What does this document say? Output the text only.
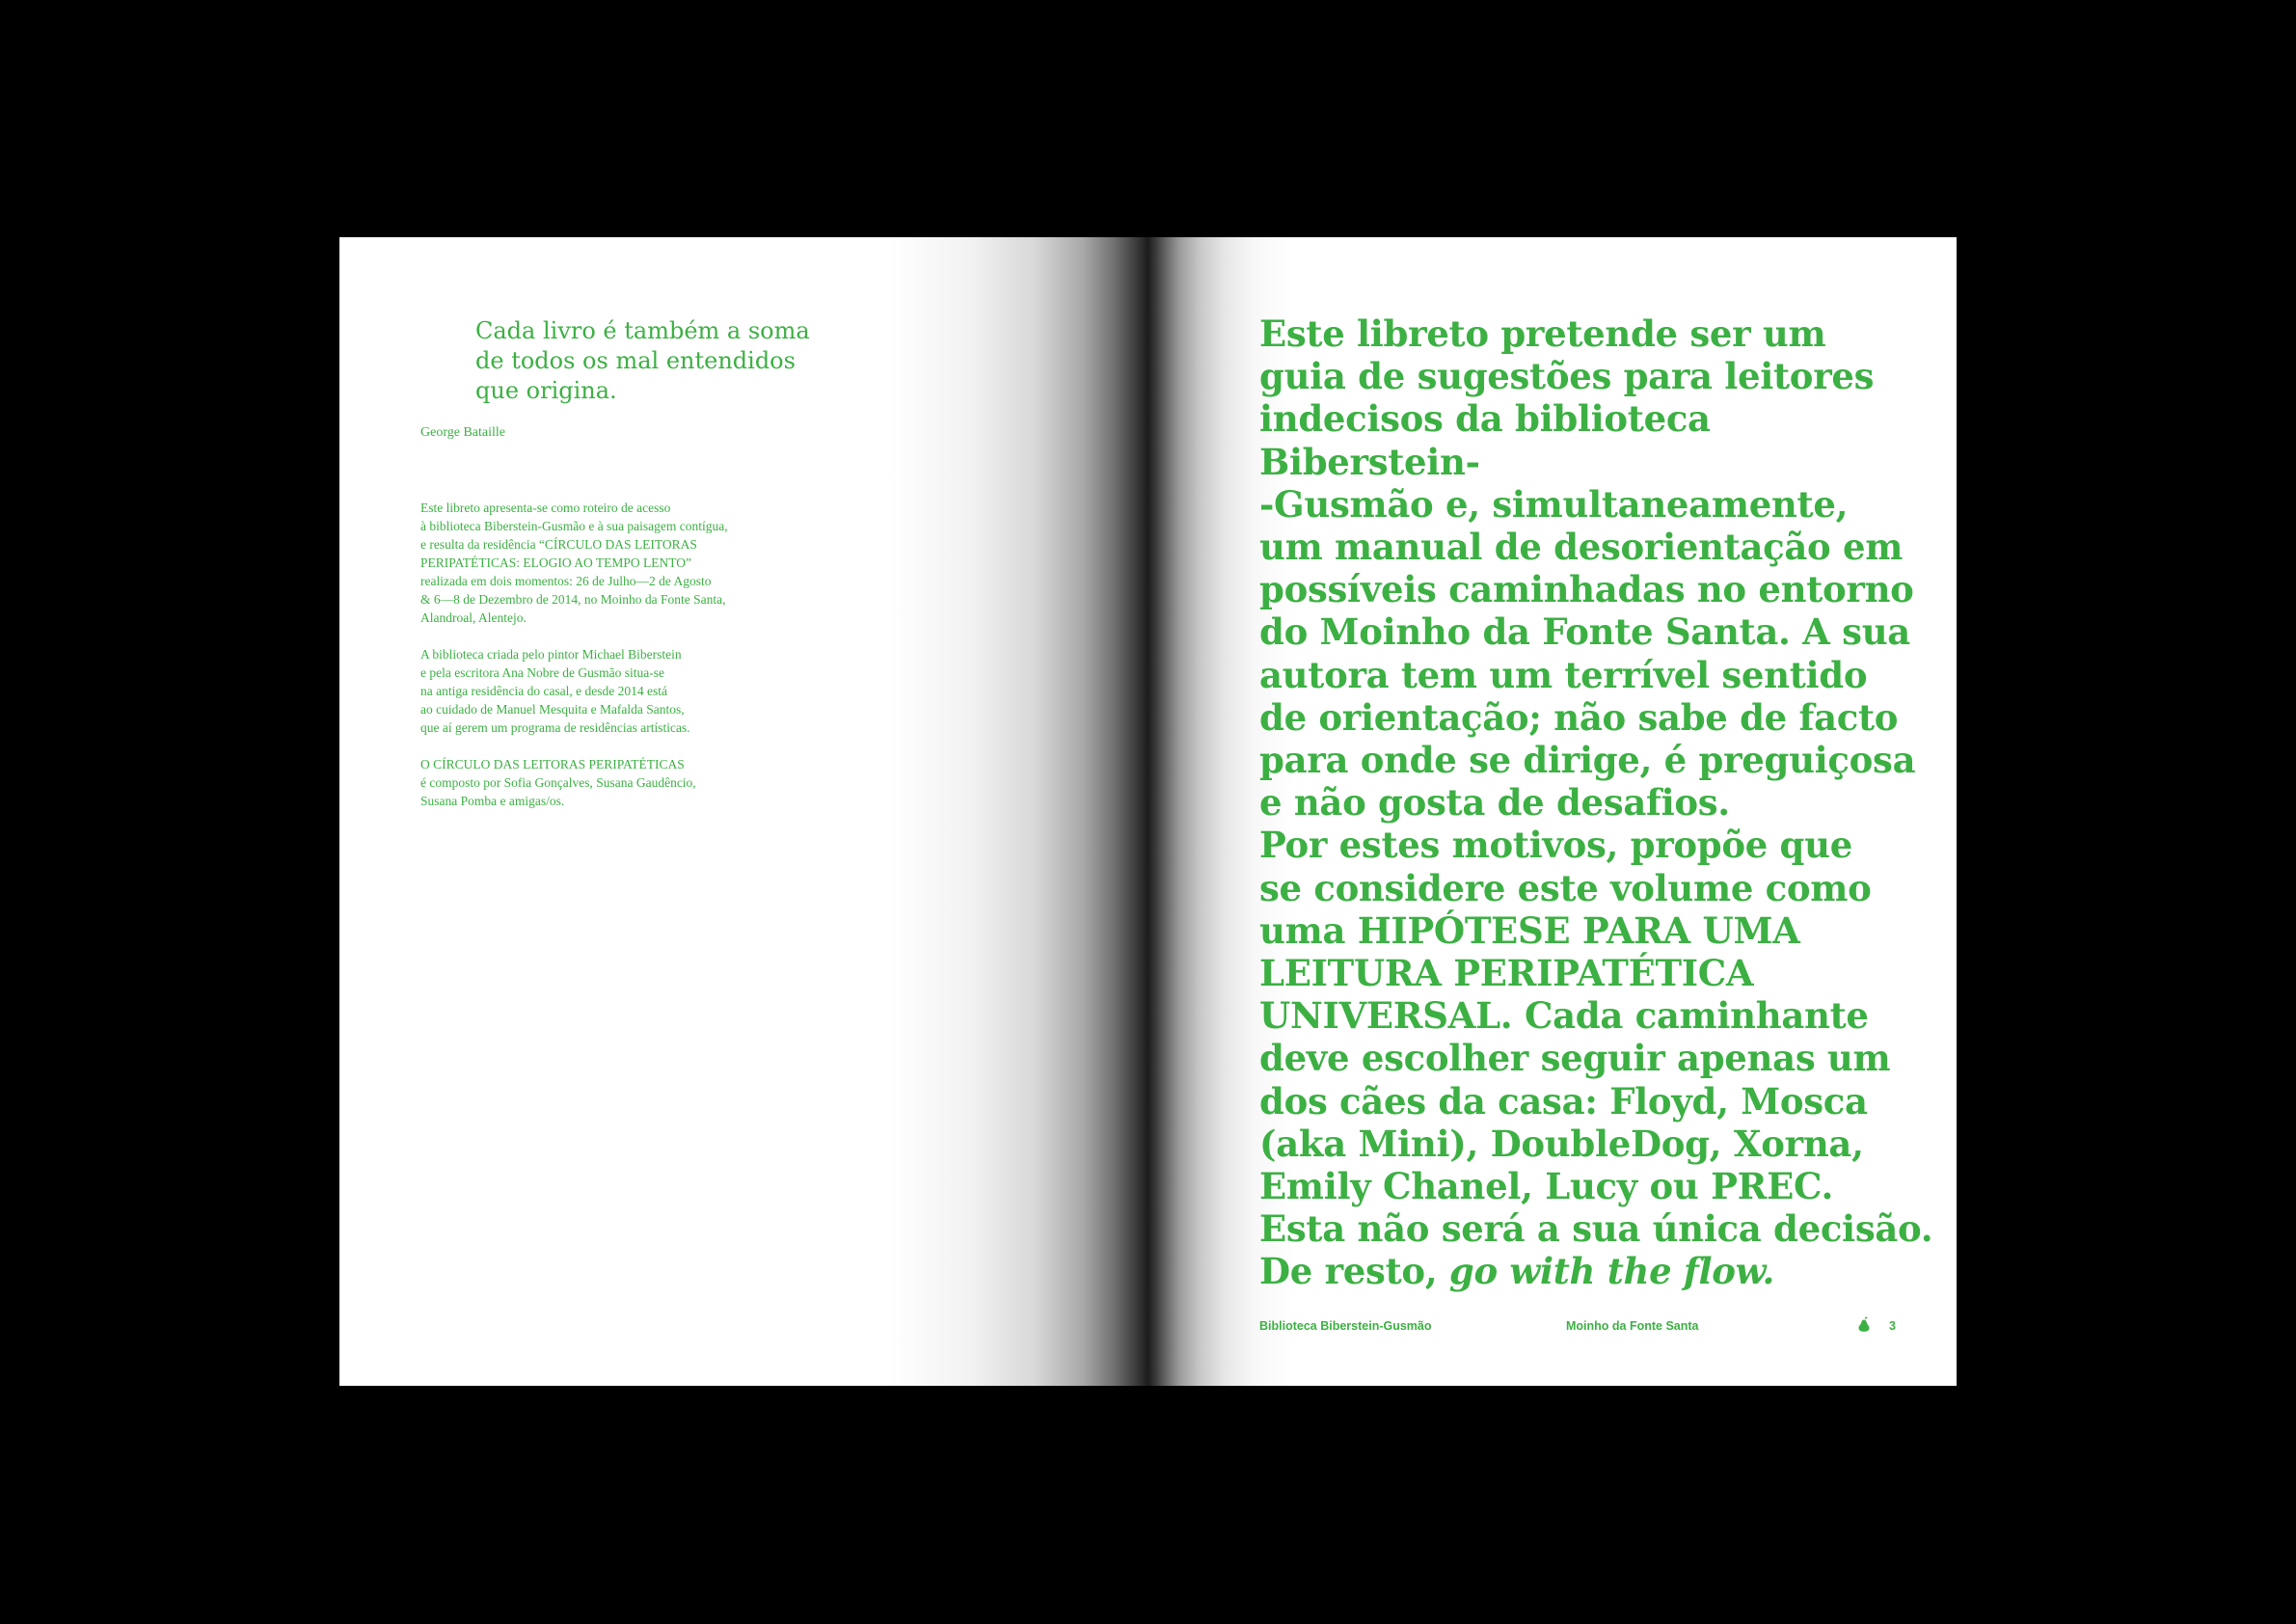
Cada livro é também a soma
de todos os mal entendidos
que origina.

George Bataille

Este libreto apresenta-se como roteiro de acesso
à biblioteca Biberstein-Gusmão e à sua paisagem contígua,
e resulta da residência “CÍRCULO DAS LEITORAS
PERIPATÉTICAS: ELOGIO AO TEMPO LENTO”
realizada em dois momentos: 26 de Julho—2 de Agosto
& 6—8 de Dezembro de 2014, no Moinho da Fonte Santa,
Alandroal, Alentejo.

A biblioteca criada pelo pintor Michael Biberstein
e pela escritora Ana Nobre de Gusmão situa-se
na antiga residência do casal, e desde 2014 está
ao cuidado de Manuel Mesquita e Mafalda Santos,
que aí gerem um programa de residências artísticas.

O CÍRCULO DAS LEITORAS PERIPATÉTICAS
é composto por Sofia Gonçalves, Susana Gaudêncio,
Susana Pomba e amigas/os.

Este libreto pretende ser um
guia de sugestões para leitores
indecisos da biblioteca Biberstein-
-Gusmão e, simultaneamente,
um manual de desorientação em
possíveis caminhadas no entorno
do Moinho da Fonte Santa. A sua
autora tem um terrível sentido
de orientação; não sabe de facto
para onde se dirige, é preguiçosa
e não gosta de desafios.
Por estes motivos, propõe que
se considere este volume como
uma HIPÓTESE PARA UMA
LEITURA PERIPATÉTICA
UNIVERSAL. Cada caminhante
deve escolher seguir apenas um
dos cães da casa: Floyd, Mosca
(aka Mini), DoubleDog, Xorna,
Emily Chanel, Lucy ou PREC.
Esta não será a sua única decisão.
De resto, go with the flow.

Biblioteca Biberstein-Gusmão	Moinho da Fonte Santa	3
